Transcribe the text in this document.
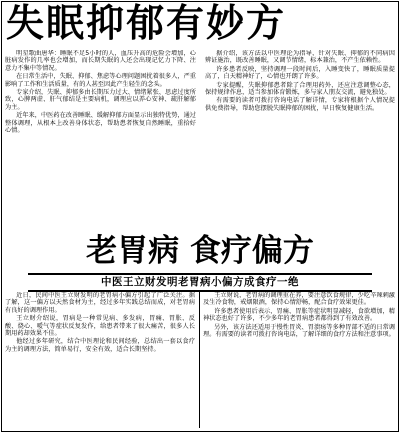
失眠抑郁有妙方

明星歌曲唐华：睡眠不足5小时的人，血压升高的危险会增加，心脏病发作的几率也会增加，而长期失眠的人还会出现记忆力下降、注意力不集中等情况。

在日常生活中，失眠、抑郁、焦虑等心理问题困扰着很多人，严重影响了工作和生活质量，有的人甚至因此产生轻生的念头。

专家介绍，失眠、抑郁多由长期压力过大、情绪紧张、思虑过度所致，心脾两虚、肝气郁结是主要病机，调理应以养心安神、疏肝解郁为主。

近年来，中医药在改善睡眠、缓解抑郁方面显示出独特优势，通过整体调理，从根本上改善身体状态，帮助患者恢复自然睡眠，重拾好心情。

据介绍，该方法以中医理论为指导，针对失眠、抑郁的不同病因辨证施治，既改善睡眠，又调节情绪，标本兼治，不产生依赖性。

许多患者反映，坚持调理一段时间后，入睡变快了，睡眠质量提高了，白天精神好了，心情也开朗了许多。

专家提醒，失眠抑郁患者除了合理用药外，还应注意调整心态，保持规律作息，适当参加体育锻炼，多与家人朋友交流，避免独处。

有需要的读者可拨打咨询电话了解详情，专家将根据个人情况提供免费指导，帮助您摆脱失眠抑郁的困扰，早日恢复健康生活。

老胃病 食疗偏方
中医王立财发明老胃病小偏方成食疗一绝

近日，民间中医王立财发明的老胃病小偏方引起了广泛关注。据了解，这一偏方以天然食材为主，经过多年实践总结而成，对老胃病有良好的调理作用。

王立财介绍说，胃病是一种常见病、多发病，胃痛、胃胀、反酸、烧心、嗳气等症状反复发作，给患者带来了很大痛苦，很多人长期用药却效果不佳。

他经过多年研究，结合中医理论和民间经验，总结出一套以食疗为主的调理方法，简单易行，安全有效，适合长期坚持。

王立财说，老胃病的调理重在养，要注意饮食规律，少吃辛辣刺激及生冷食物，戒烟限酒，保持心情舒畅，配合食疗效果更佳。

许多患者使用后表示，胃痛、胃胀等症状明显减轻，食欲增加，精神状态也好了许多，不少多年的老胃病患者都得到了有效改善。

另外，该方法还适用于慢性胃炎、胃溃疡等多种胃部不适的日常调理。有需要的读者可拨打咨询电话，了解详细的食疗方法和注意事项。
